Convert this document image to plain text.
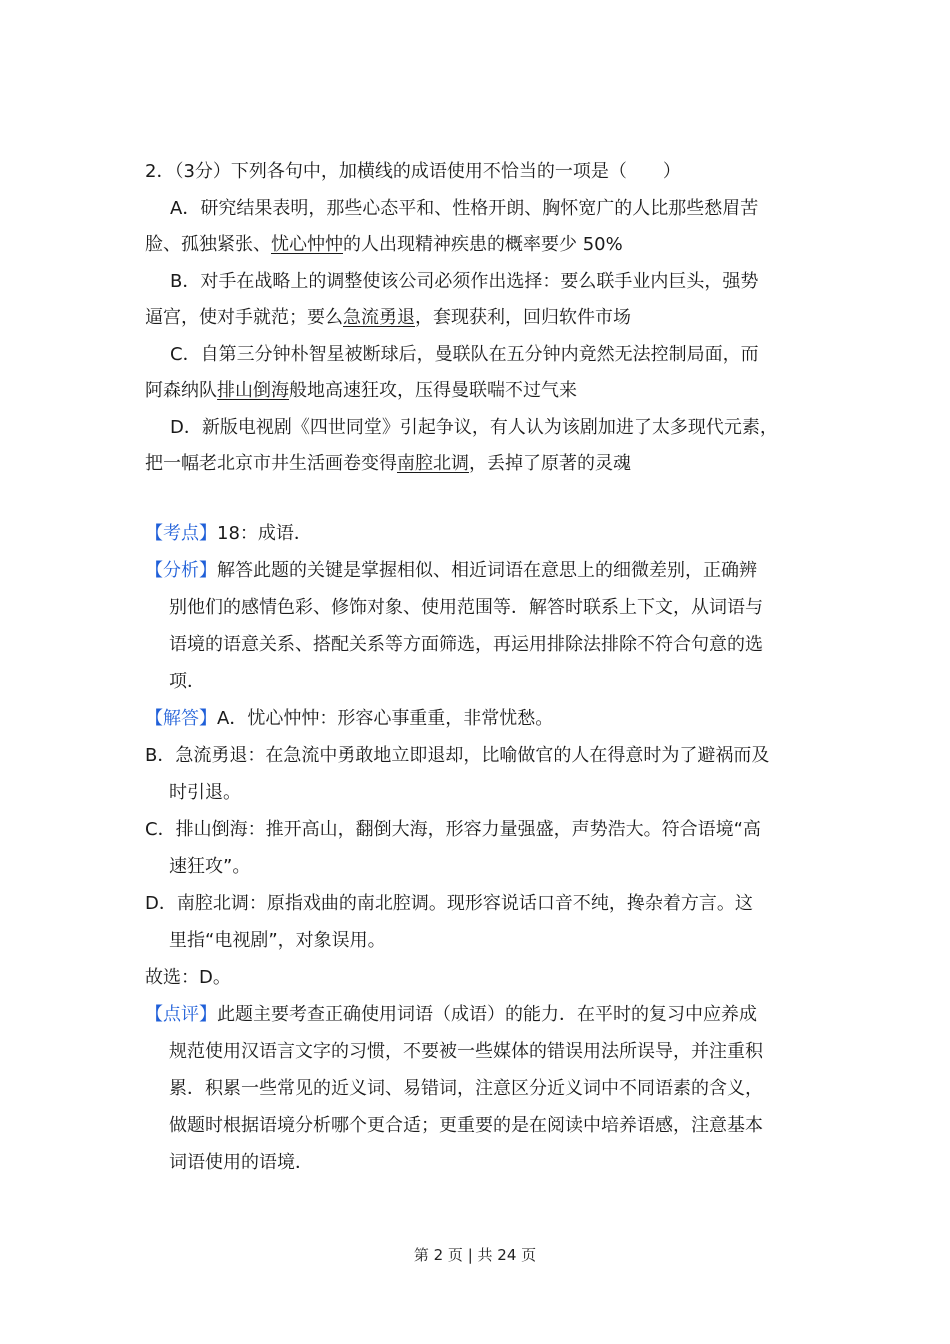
2．（3分）下列各句中，加横线的成语使用不恰当的一项是（　　）
A．研究结果表明，那些心态平和、性格开朗、胸怀宽广的人比那些愁眉苦
脸、孤独紧张、忧心忡忡的人出现精神疾患的概率要少 50%
B．对手在战略上的调整使该公司必须作出选择：要么联手业内巨头，强势
逼宫，使对手就范；要么急流勇退，套现获利，回归软件市场
C．自第三分钟朴智星被断球后，曼联队在五分钟内竟然无法控制局面，而
阿森纳队排山倒海般地高速狂攻，压得曼联喘不过气来
D．新版电视剧《四世同堂》引起争议，有人认为该剧加进了太多现代元素，
把一幅老北京市井生活画卷变得南腔北调，丢掉了原著的灵魂
【考点】18：成语．
【分析】解答此题的关键是掌握相似、相近词语在意思上的细微差别，正确辨
别他们的感情色彩、修饰对象、使用范围等．解答时联系上下文，从词语与
语境的语意关系、搭配关系等方面筛选，再运用排除法排除不符合句意的选
项．
【解答】A．忧心忡忡：形容心事重重，非常忧愁。
B．急流勇退：在急流中勇敢地立即退却，比喻做官的人在得意时为了避祸而及
时引退。
C．排山倒海：推开高山，翻倒大海，形容力量强盛，声势浩大。符合语境“高
速狂攻”。
D．南腔北调：原指戏曲的南北腔调。现形容说话口音不纯，搀杂着方言。这
里指“电视剧”，对象误用。
故选：D。
【点评】此题主要考查正确使用词语（成语）的能力．在平时的复习中应养成
规范使用汉语言文字的习惯，不要被一些媒体的错误用法所误导，并注重积
累．积累一些常见的近义词、易错词，注意区分近义词中不同语素的含义，
做题时根据语境分析哪个更合适；更重要的是在阅读中培养语感，注意基本
词语使用的语境．
第 2 页 | 共 24 页
